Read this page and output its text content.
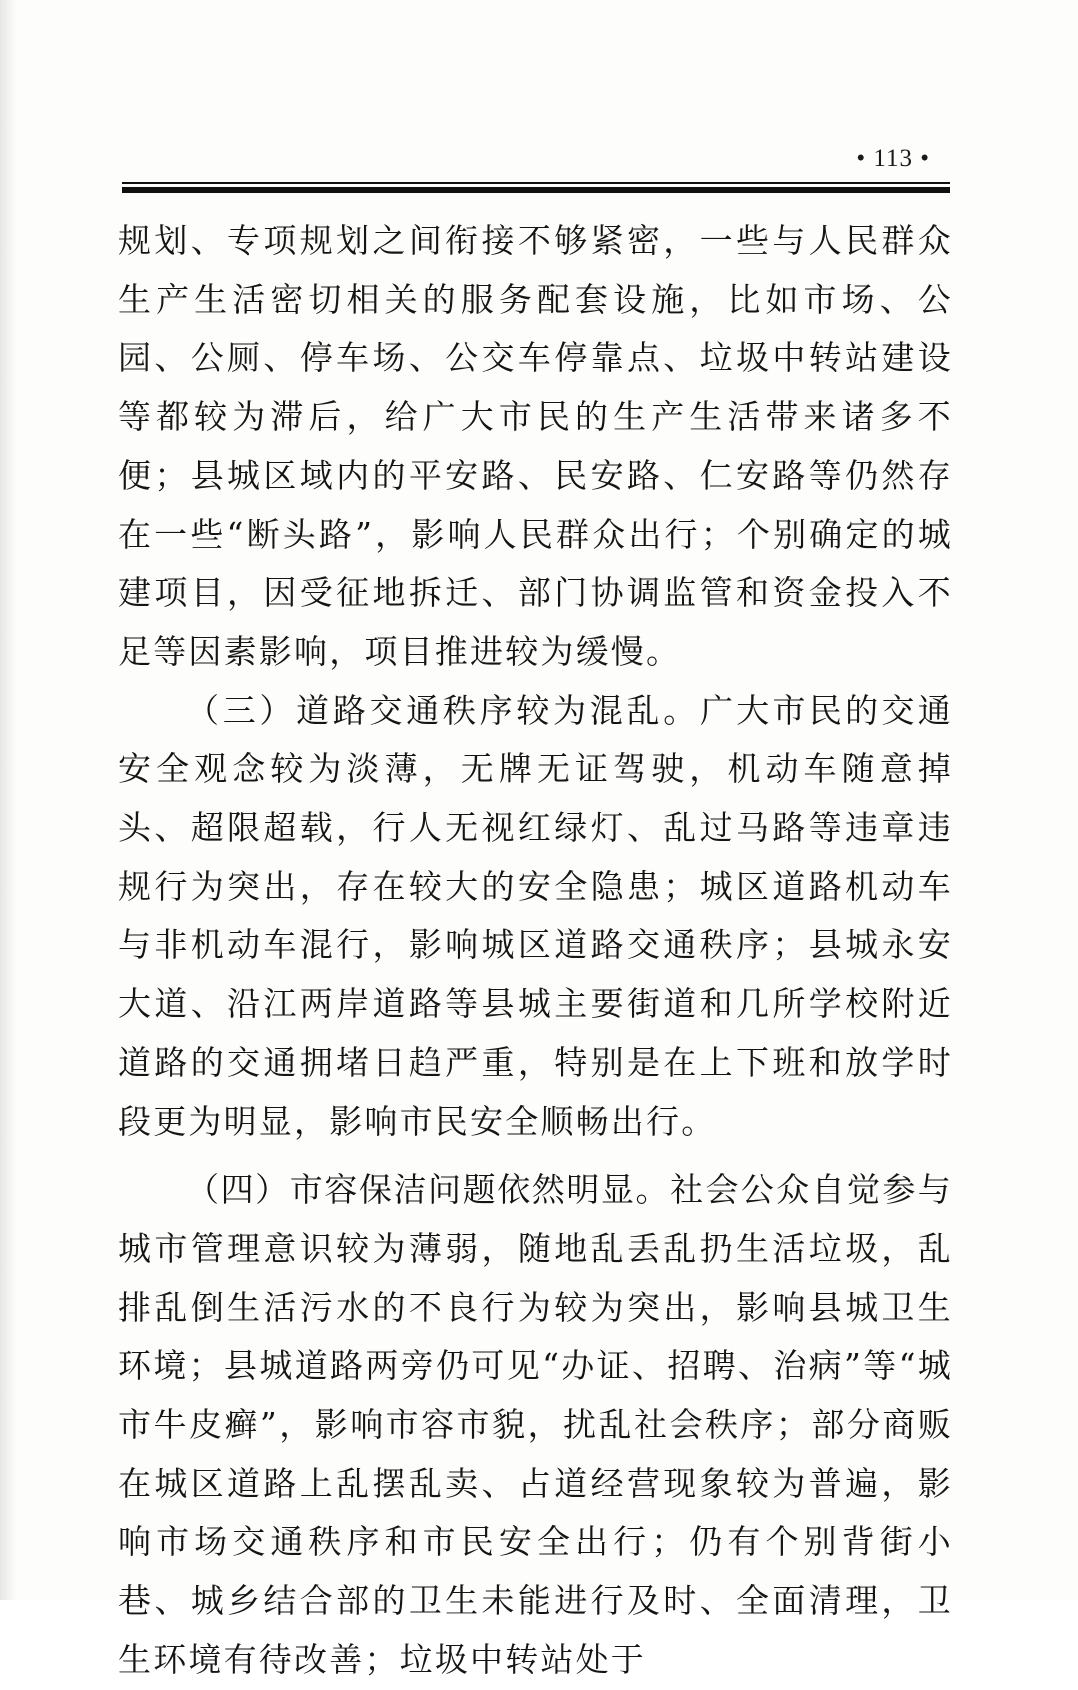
• 113 •

规划、专项规划之间衔接不够紧密，一些与人民群众生产生活密切相关的服务配套设施，比如市场、公园、公厕、停车场、公交车停靠点、垃圾中转站建设等都较为滞后，给广大市民的生产生活带来诸多不便；县城区域内的平安路、民安路、仁安路等仍然存在一些“断头路”，影响人民群众出行；个别确定的城建项目，因受征地拆迁、部门协调监管和资金投入不足等因素影响，项目推进较为缓慢。

（三）道路交通秩序较为混乱。广大市民的交通安全观念较为淡薄，无牌无证驾驶，机动车随意掉头、超限超载，行人无视红绿灯、乱过马路等违章违规行为突出，存在较大的安全隐患；城区道路机动车与非机动车混行，影响城区道路交通秩序；县城永安大道、沿江两岸道路等县城主要街道和几所学校附近道路的交通拥堵日趋严重，特别是在上下班和放学时段更为明显，影响市民安全顺畅出行。

（四）市容保洁问题依然明显。社会公众自觉参与城市管理意识较为薄弱，随地乱丢乱扔生活垃圾，乱排乱倒生活污水的不良行为较为突出，影响县城卫生环境；县城道路两旁仍可见“办证、招聘、治病”等“城市牛皮癣”，影响市容市貌，扰乱社会秩序；部分商贩在城区道路上乱摆乱卖、占道经营现象较为普遍，影响市场交通秩序和市民安全出行；仍有个别背街小巷、城乡结合部的卫生未能进行及时、全面清理，卫生环境有待改善；垃圾中转站处于
